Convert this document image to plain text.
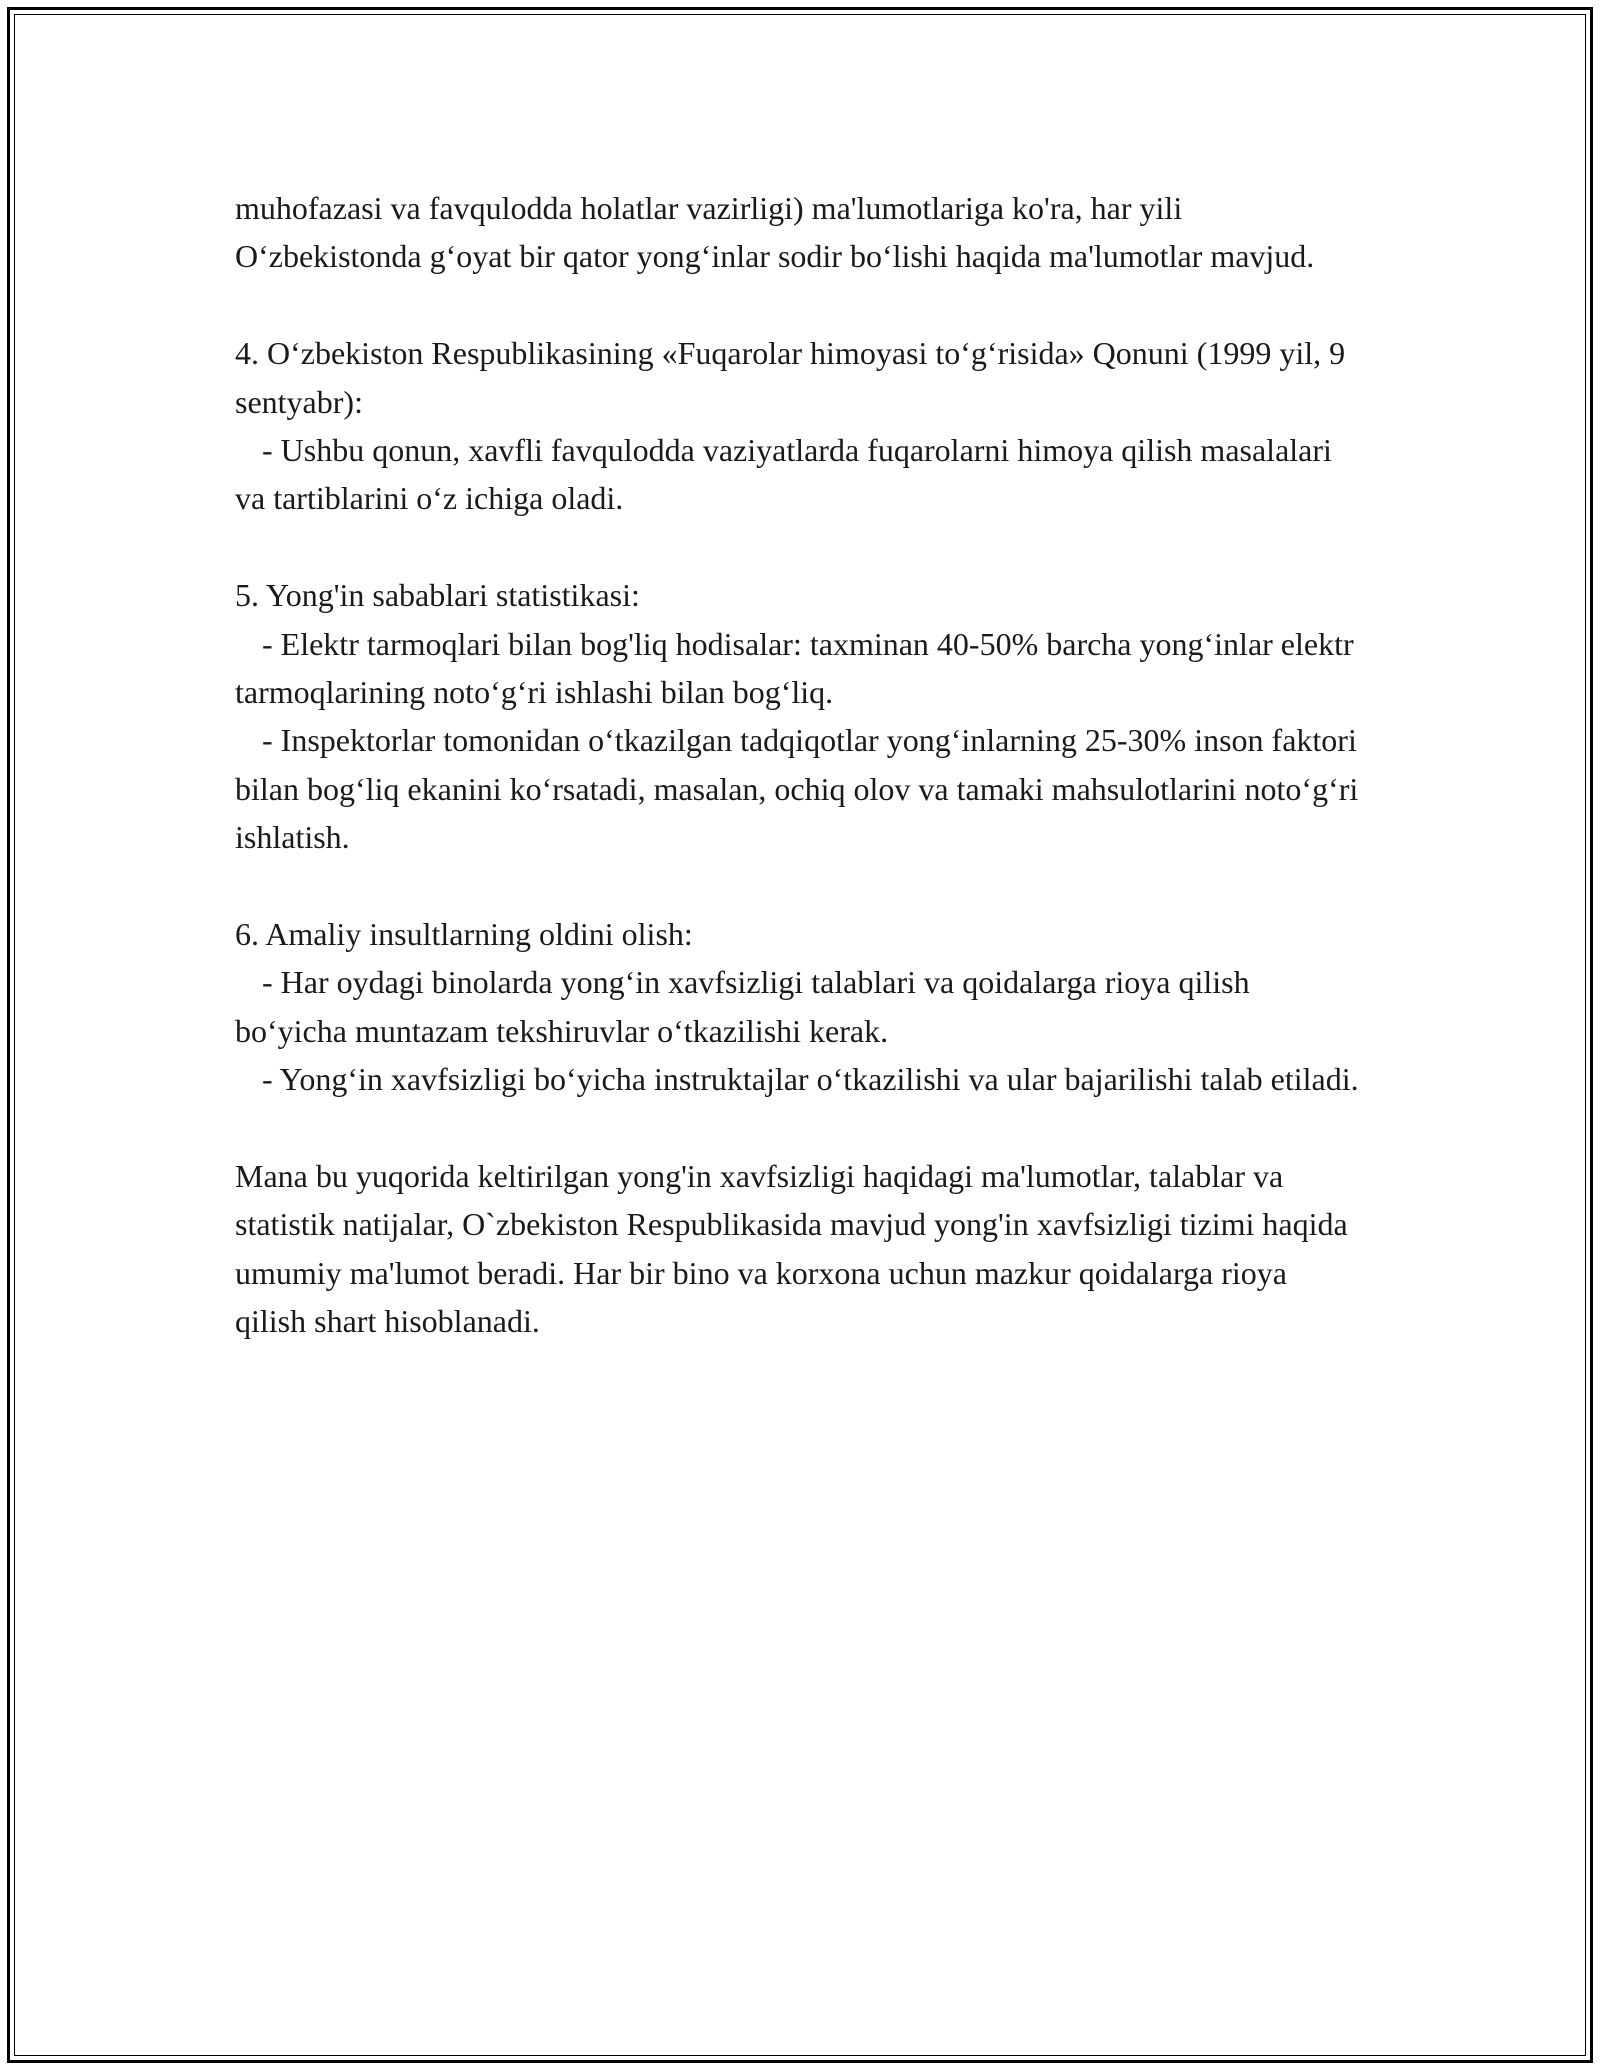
muhofazasi va favqulodda holatlar vazirligi) ma'lumotlariga ko'ra, har yili O‘zbekistonda g‘oyat bir qator yong‘inlar sodir bo‘lishi haqida ma'lumotlar mavjud.

4. O‘zbekiston Respublikasining «Fuqarolar himoyasi to‘g‘risida» Qonuni (1999 yil, 9 sentyabr):

- Ushbu qonun, xavfli favqulodda vaziyatlarda fuqarolarni himoya qilish masalalari va tartiblarini o‘z ichiga oladi.

5. Yong'in sabablari statistikasi:

- Elektr tarmoqlari bilan bog'liq hodisalar: taxminan 40-50% barcha yong‘inlar elektr tarmoqlarining noto‘g‘ri ishlashi bilan bog‘liq.

- Inspektorlar tomonidan o‘tkazilgan tadqiqotlar yong‘inlarning 25-30% inson faktori bilan bog‘liq ekanini ko‘rsatadi, masalan, ochiq olov va tamaki mahsulotlarini noto‘g‘ri ishlatish.

6. Amaliy insultlarning oldini olish:

- Har oydagi binolarda yong‘in xavfsizligi talablari va qoidalarga rioya qilish bo‘yicha muntazam tekshiruvlar o‘tkazilishi kerak.

- Yong‘in xavfsizligi bo‘yicha instruktajlar o‘tkazilishi va ular bajarilishi talab etiladi.

Mana bu yuqorida keltirilgan yong'in xavfsizligi haqidagi ma'lumotlar, talablar va statistik natijalar, O`zbekiston Respublikasida mavjud yong'in xavfsizligi tizimi haqida umumiy ma'lumot beradi. Har bir bino va korxona uchun mazkur qoidalarga rioya qilish shart hisoblanadi.
